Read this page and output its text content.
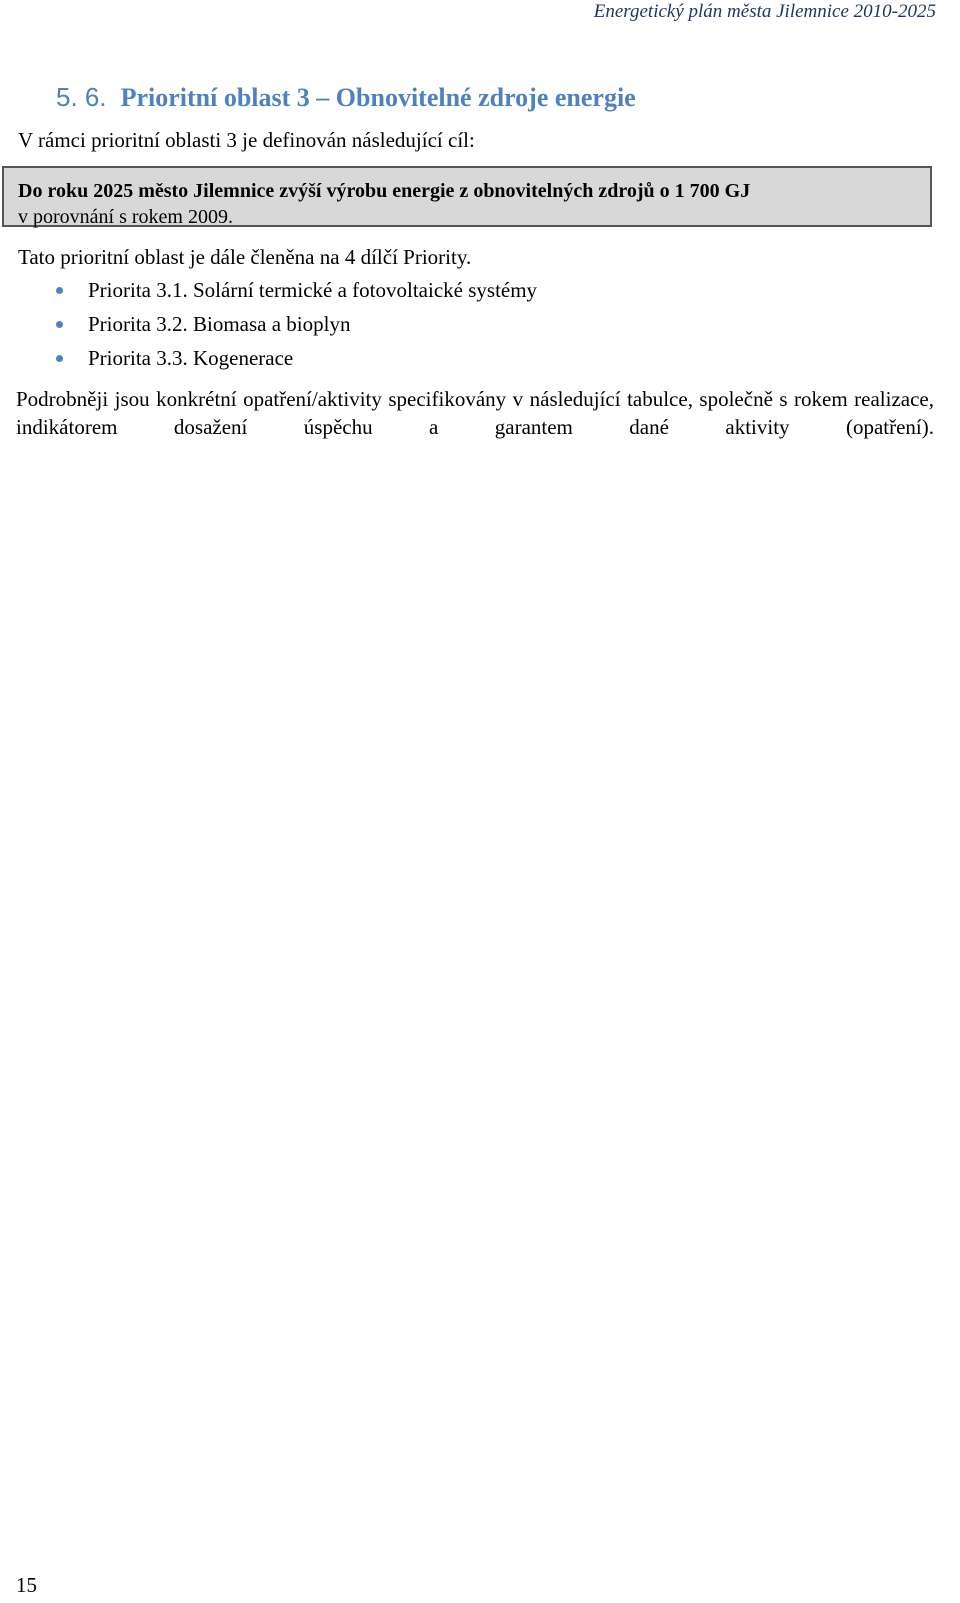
Energetický plán města Jilemnice 2010-2025
5. 6. Prioritní oblast 3 – Obnovitelné zdroje energie
V rámci prioritní oblasti 3 je definován následující cíl:
Do roku 2025 město Jilemnice zvýší výrobu energie z obnovitelných zdrojů o 1 700 GJ
v porovnání s rokem 2009.
Tato prioritní oblast je dále členěna na 4 dílčí Priority.
Priorita 3.1. Solární termické a fotovoltaické systémy
Priorita 3.2. Biomasa a bioplyn
Priorita 3.3. Kogenerace
Podrobněji jsou konkrétní opatření/aktivity specifikovány v následující tabulce, společně s rokem realizace, indikátorem dosažení úspěchu a garantem dané aktivity (opatření).
15
